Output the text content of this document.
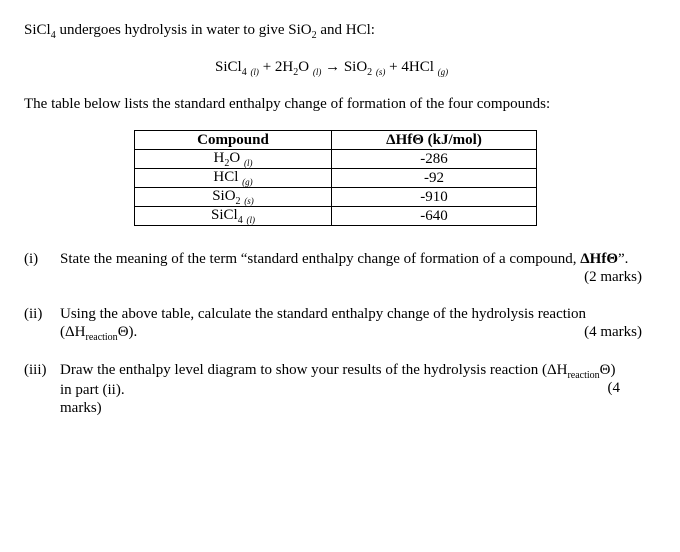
SiCl$_4$ undergoes hydrolysis in water to give SiO$_2$ and HCl:
SiCl$_4$ $_{(l)} + 2H_2O$ $_{(l)}$ → SiO$_2$ $_{(s)}$ + 4HCl $_{(g)}$
The table below lists the standard enthalpy change of formation of the four compounds:
Compound	ΔHfΘ (kJ/mol)
$H_2O$ $_{(l)}$	-286
HCl $_{(g)}$	-92
SiO$_2$ $_{(s)}$	-910
SiCl$_4$ $_{(l)}$	-640
(i) State the meaning of the term “standard enthalpy change of formation of a compound, ΔHfΘ”.
(2 marks)
(ii) Using the above table, calculate the standard enthalpy change of the hydrolysis reaction
$(\Delta H_{reaction}\Theta)$.	(4 marks)
(iii) Draw the enthalpy level diagram to show your results of the hydrolysis reaction $(\Delta H_{reaction}\Theta)$
in part (ii).
marks)
(4
